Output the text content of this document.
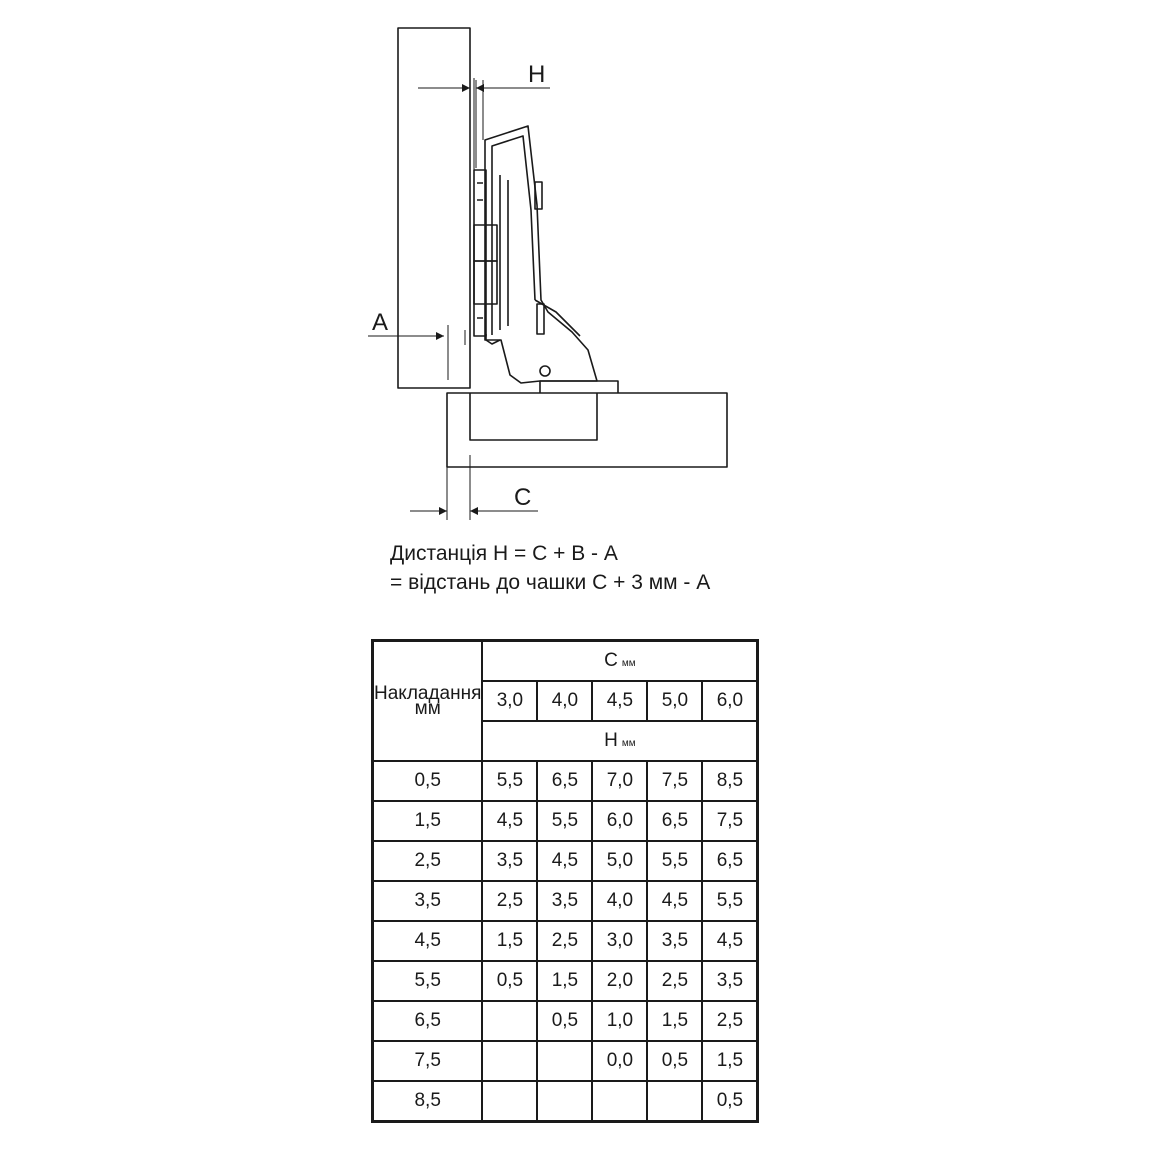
H
A
C
Дистанція Н = С + В - А
= відстань до чашки С + 3 мм - А
Накладання
мм	С мм				
	3,0	4,0	4,5	5,0	6,0
	Н мм				
0,5	5,5	6,5	7,0	7,5	8,5
1,5	4,5	5,5	6,0	6,5	7,5
2,5	3,5	4,5	5,0	5,5	6,5
3,5	2,5	3,5	4,0	4,5	5,5
4,5	1,5	2,5	3,0	3,5	4,5
5,5	0,5	1,5	2,0	2,5	3,5
6,5		0,5	1,0	1,5	2,5
7,5			0,0	0,5	1,5
8,5					0,5
